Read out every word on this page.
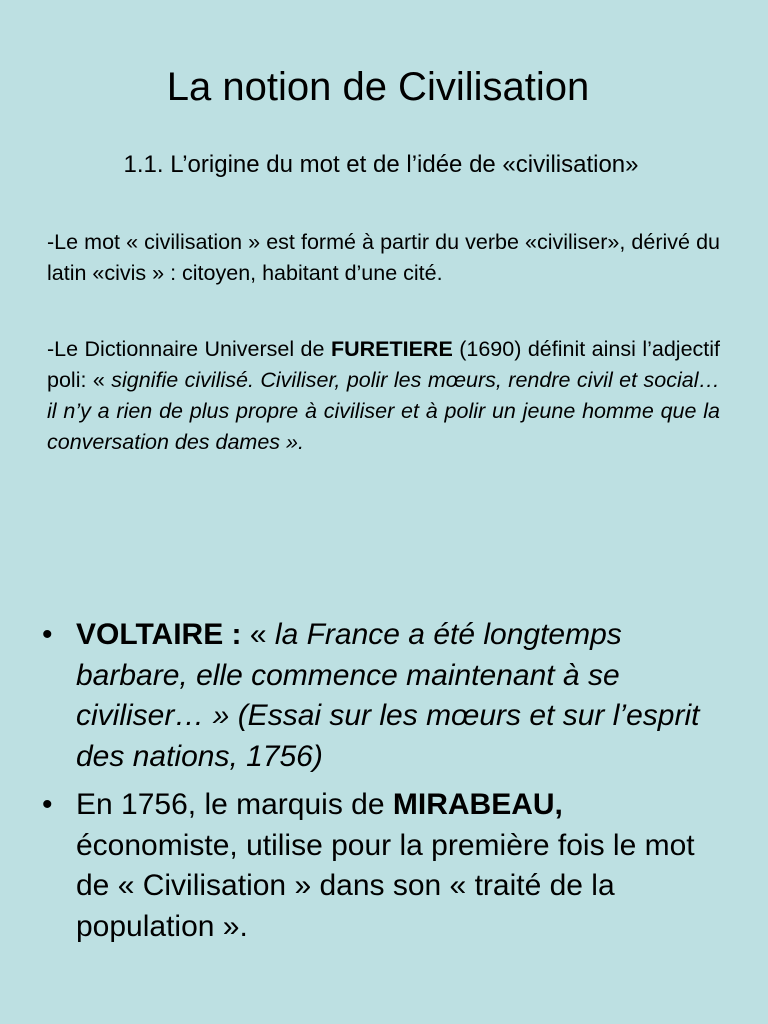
La notion de Civilisation
1.1. L’origine du mot et de l’idée de «civilisation»

-Le mot « civilisation » est formé à partir du verbe «civiliser», dérivé du latin «civis » : citoyen, habitant d’une cité.

-Le Dictionnaire Universel de FURETIERE (1690) définit ainsi l’adjectif poli: « signifie civilisé. Civiliser, polir les mœurs, rendre civil et social… il n’y a rien de plus propre à civiliser et à polir un jeune homme que la conversation des dames ».

• VOLTAIRE : « la France a été longtemps barbare, elle commence maintenant à se civiliser… » (Essai sur les mœurs et sur l’esprit des nations, 1756)
• En 1756, le marquis de MIRABEAU, économiste, utilise pour la première fois le mot de « Civilisation » dans son « traité de la population ».
